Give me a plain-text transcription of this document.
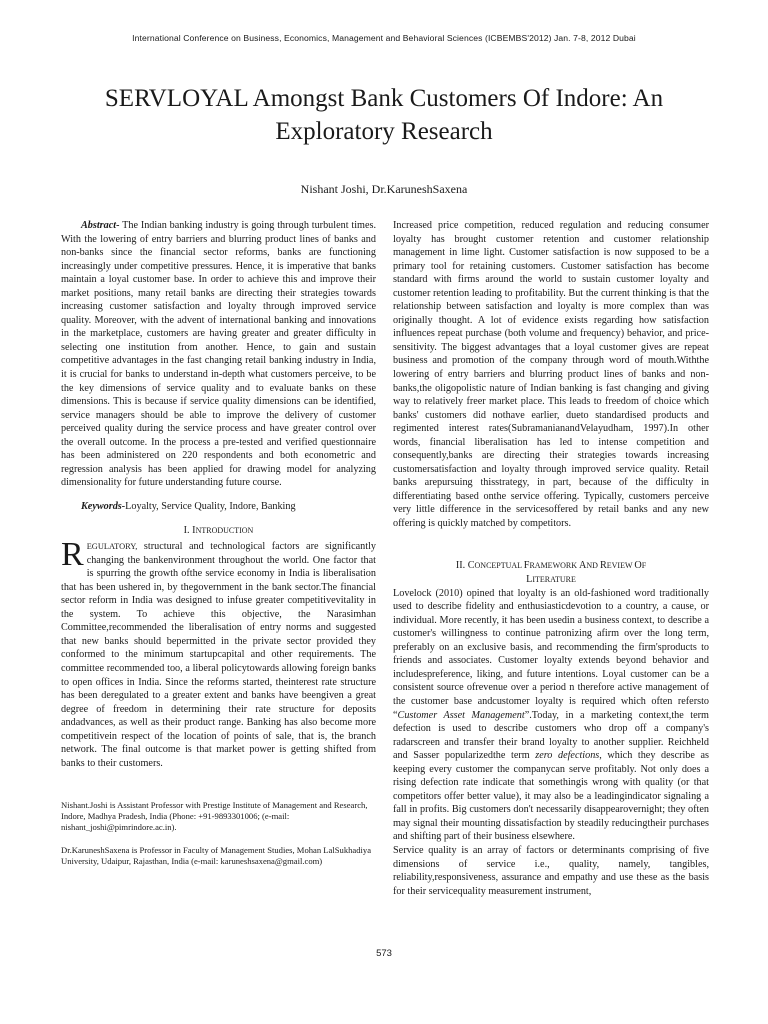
International Conference on Business, Economics, Management and Behavioral Sciences (ICBEMBS'2012) Jan. 7-8, 2012 Dubai
SERVLOYAL Amongst Bank Customers Of Indore: An Exploratory Research
Nishant Joshi, Dr.KaruneshSaxena

Abstract- The Indian banking industry is going through turbulent times. With the lowering of entry barriers and blurring product lines of banks and non-banks since the financial sector reforms, banks are functioning increasingly under competitive pressures. Hence, it is imperative that banks maintain a loyal customer base. In order to achieve this and improve their market positions, many retail banks are directing their strategies towards increasing customer satisfaction and loyalty through improved service quality. Moreover, with the advent of international banking and innovations in the marketplace, customers are having greater and greater difficulty in selecting one institution from another. Hence, to gain and sustain competitive advantages in the fast changing retail banking industry in India, it is crucial for banks to understand in-depth what customers perceive, to be the key dimensions of service quality and to evaluate banks on these dimensions. This is because if service quality dimensions can be identified, service managers should be able to improve the delivery of customer perceived quality during the service process and have greater control over the overall outcome. In the process a pre-tested and verified questionnaire has been administered on 220 respondents and both econometric and regression analysis has been applied for drawing model for analyzing dimensionality for future understanding future course.

Keywords-Loyalty, Service Quality, Indore, Banking

I. INTRODUCTION

REGULATORY, structural and technological factors are significantly changing the bankenvironment throughout the world. One factor that is spurring the growth ofthe service economy in India is liberalisation that has been ushered in, by thegovernment in the bank sector.The financial sector reform in India was designed to infuse greater competitivevitality in the system. To achieve this objective, the Narasimhan Committee,recommended the liberalisation of entry norms and suggested that new banks should bepermitted in the private sector provided they conformed to the minimum startupcapital and other requirements. The committee recommended too, a liberal policytowards allowing foreign banks to open offices in India. Since the reforms started, theinterest rate structure has been deregulated to a greater extent and banks have beengiven a great degree of freedom in determining their rate structure for deposits andadvances, as well as their product range. Banking has also become more competitivein respect of the location of points of sale, that is, the branch network. The final outcome is that market power is getting shifted from banks to their customers.

Nishant.Joshi is Assistant Professor with Prestige Institute of Management and Research, Indore, Madhya Pradesh, India (Phone: +91-9893301006; (e-mail: nishant_joshi@pimrindore.ac.in).

Dr.KaruneshSaxena is Professor in Faculty of Management Studies, Mohan LalSukhadiya University, Udaipur, Rajasthan, India (e-mail: karuneshsaxena@gmail.com)

Increased price competition, reduced regulation and reducing consumer loyalty has brought customer retention and customer relationship management in lime light. Customer satisfaction is now supposed to be a primary tool for retaining customers. Customer satisfaction has become standard with firms around the world to sustain customer loyalty and customer retention leading to profitability. But the current thinking is that the relationship between satisfaction and loyalty is more complex than was originally thought. A lot of evidence exists regarding how satisfaction influences repeat purchase (both volume and frequency) behavior, and price-sensitivity. The biggest advantages that a loyal customer gives are repeat business and promotion of the company through word of mouth.Withthe lowering of entry barriers and blurring product lines of banks and non-banks,the oligopolistic nature of Indian banking is fast changing and giving way to relatively freer market place. This leads to freedom of choice which banks' customers did nothave earlier, dueto standardised products and regimented interest rates(SubramanianandVelayudham, 1997).In other words, financial liberalisation has led to intense competition and consequently,banks are directing their strategies towards increasing customersatisfaction and loyalty through improved service quality. Retail banks arepursuing thisstrategy, in part, because of the difficulty in differentiating based onthe service offering. Typically, customers perceive very little difference in the servicesoffered by retail banks and any new offering is quickly matched by competitors.

II. CONCEPTUAL FRAMEWORK AND REVIEW OF
LITERATURE

Lovelock (2010) opined that loyalty is an old-fashioned word traditionally used to describe fidelity and enthusiasticdevotion to a country, a cause, or individual. More recently, it has been usedin a business context, to describe a customer's willingness to continue patronizing afirm over the long term, preferably on an exclusive basis, and recommending the firm'sproducts to friends and associates. Customer loyalty extends beyond behavior and includespreference, liking, and future intentions. Loyal customer can be a consistent source ofrevenue over a period n therefore active management of the customer base andcustomer loyalty is required which often refersto “Customer Asset Management”.Today, in a marketing context,the term defection is used to describe customers who drop off a company's radarscreen and transfer their brand loyalty to another supplier. Reichheld and Sasser popularizedthe term zero defections, which they describe as keeping every customer the companycan serve profitably. Not only does a rising defection rate indicate that somethingis wrong with quality (or that competitors offer better value), it may also be a leadingindicator signaling a fall in profits. Big customers don't necessarily disappearovernight; they often may signal their mounting dissatisfaction by steadily reducingtheir purchases and shifting part of their business elsewhere.

Service quality is an array of factors or determinants comprising of five dimensions of service i.e., quality, namely, tangibles, reliability,responsiveness, assurance and empathy and use these as the basis for their servicequality measurement instrument,

573
